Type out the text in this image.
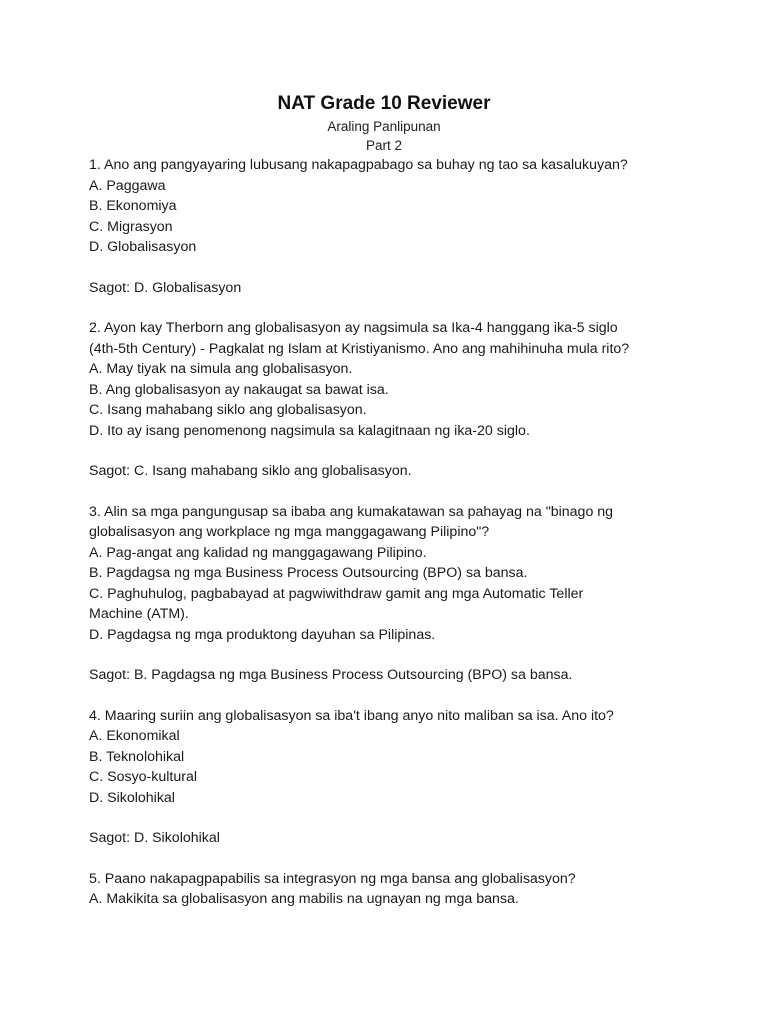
NAT Grade 10 Reviewer
Araling Panlipunan
Part 2
1. Ano ang pangyayaring lubusang nakapagpabago sa buhay ng tao sa kasalukuyan?
A. Paggawa
B. Ekonomiya
C. Migrasyon
D. Globalisasyon
Sagot: D. Globalisasyon
2. Ayon kay Therborn ang globalisasyon ay nagsimula sa Ika-4 hanggang ika-5 siglo
(4th-5th Century) - Pagkalat ng Islam at Kristiyanismo. Ano ang mahihinuha mula rito?
A. May tiyak na simula ang globalisasyon.
B. Ang globalisasyon ay nakaugat sa bawat isa.
C. Isang mahabang siklo ang globalisasyon.
D. Ito ay isang penomenong nagsimula sa kalagitnaan ng ika-20 siglo.
Sagot: C. Isang mahabang siklo ang globalisasyon.
3. Alin sa mga pangungusap sa ibaba ang kumakatawan sa pahayag na "binago ng
globalisasyon ang workplace ng mga manggagawang Pilipino"?
A. Pag-angat ang kalidad ng manggagawang Pilipino.
B. Pagdagsa ng mga Business Process Outsourcing (BPO) sa bansa.
C. Paghuhulog, pagbabayad at pagwiwithdraw gamit ang mga Automatic Teller
Machine (ATM).
D. Pagdagsa ng mga produktong dayuhan sa Pilipinas.
Sagot: B. Pagdagsa ng mga Business Process Outsourcing (BPO) sa bansa.
4. Maaring suriin ang globalisasyon sa iba't ibang anyo nito maliban sa isa. Ano ito?
A. Ekonomikal
B. Teknolohikal
C. Sosyo-kultural
D. Sikolohikal
Sagot: D. Sikolohikal
5. Paano nakapagpapabilis sa integrasyon ng mga bansa ang globalisasyon?
A. Makikita sa globalisasyon ang mabilis na ugnayan ng mga bansa.
